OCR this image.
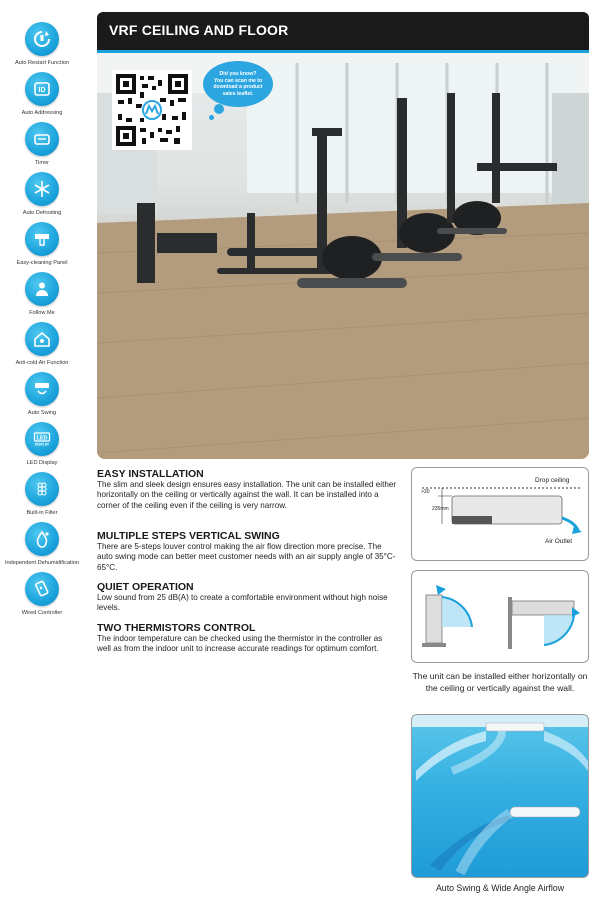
Auto Restart Function
ID
Auto Addressing
Timer
Auto Defrosting
Easy-cleaning Panel
Follow Me
Anti-cold Air Function
Auto Swing
LED
DISPLAY
LED Display
Built-in Filter
Independent Dehumidification
Wired Controller
VRF CEILING AND FLOOR
Did you know?
You can scan me to
download a product
sales leaflet.
EASY INSTALLATION
The slim and sleek design ensures easy installation. The unit can be installed either horizontally on the ceiling or vertically against the wall. It can be installed into a corner of the ceiling even if the ceiling is very narrow.
MULTIPLE STEPS VERTICAL SWING
There are 5-steps louver control making the air flow direction more precise. The auto swing mode can better meet customer needs with an air supply angle of 35°C-65°C.
QUIET OPERATION
Low sound from 25 dB(A) to create a comfortable environment without high noise levels.
TWO THERMISTORS CONTROL
The indoor temperature can be checked using the thermistor in the controller as well as from the indoor unit to increase accurate readings for optimum comfort.
Drop ceiling
>30
235mm
Air Outlet
The unit can be installed either horizontally on the ceiling or vertically against the wall.
Auto Swing & Wide Angle Airflow
